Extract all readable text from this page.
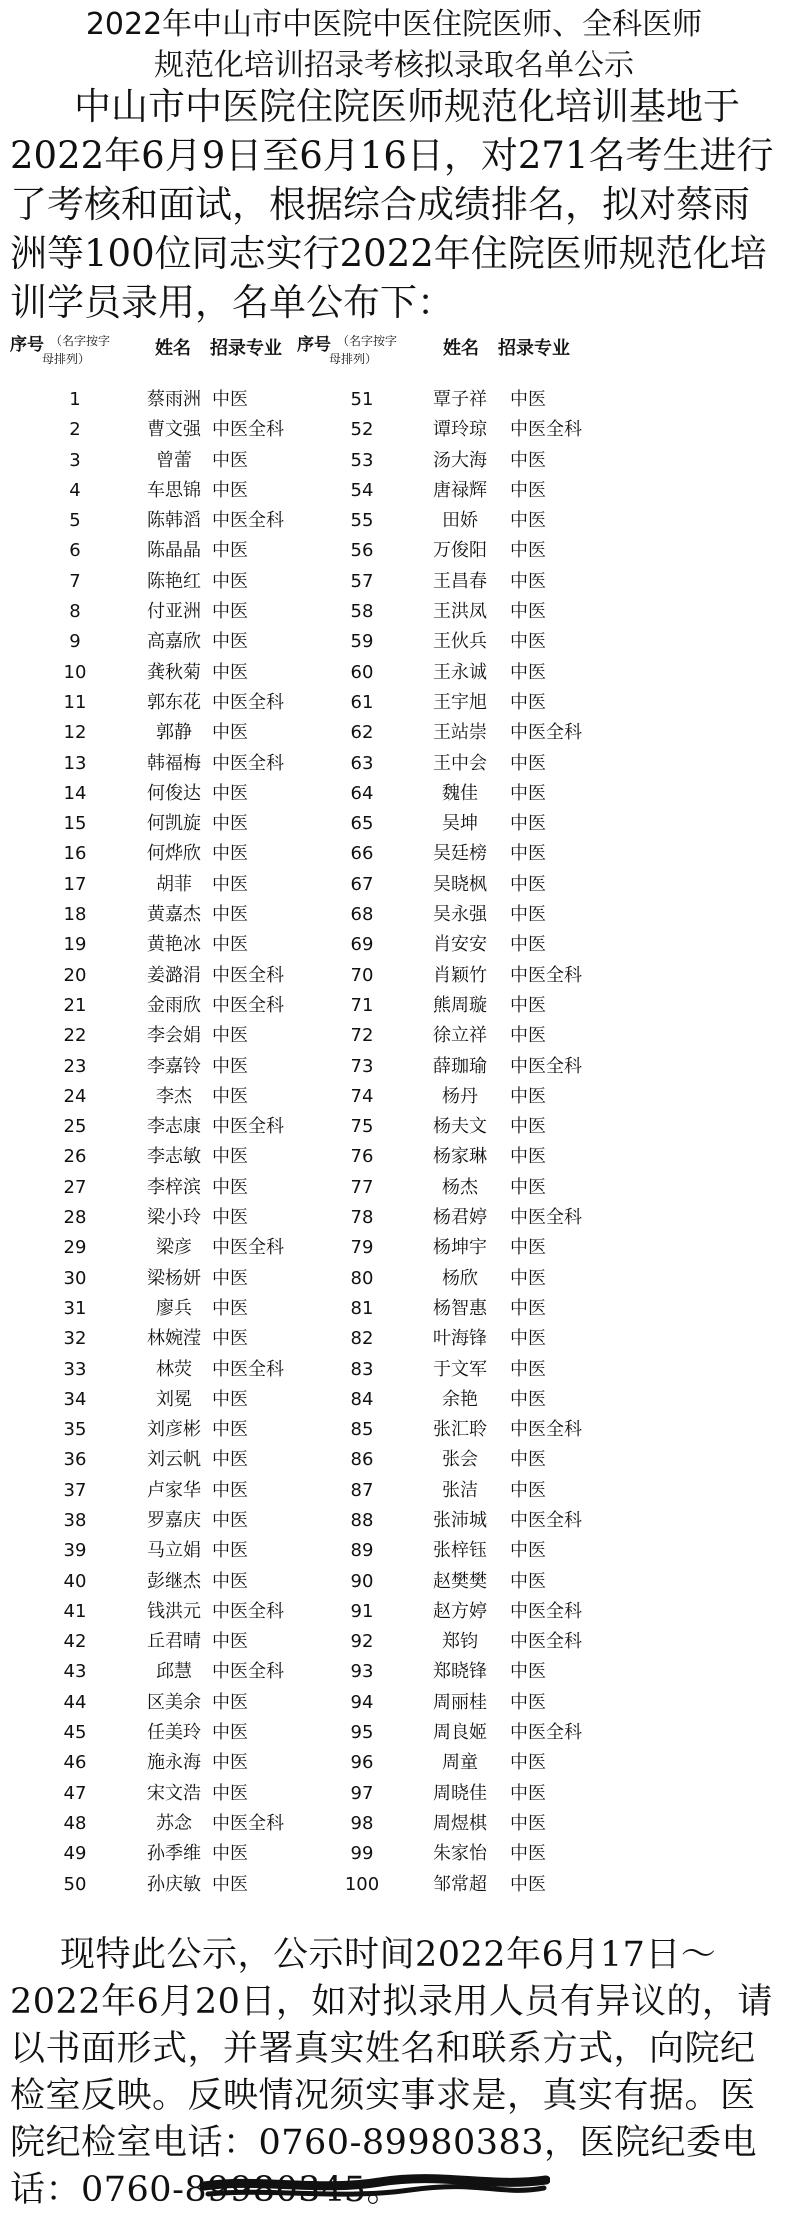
2022年中山市中医院中医住院医师、全科医师
规范化培训招录考核拟录取名单公示

中山市中医院住院医师规范化培训基地于2022年6月9日至6月16日，对271名考生进行了考核和面试，根据综合成绩排名，拟对蔡雨洲等100位同志实行2022年住院医师规范化培训学员录用，名单公布下：

序号 （名字按字
母排列）	姓名 招录专业 序号 （名字按字
母排列）	姓名 招录专业
1	蔡雨洲 中医	51	覃子祥	中医
2	曹文强 中医全科	52	谭玲琼	中医全科
3	曾蕾	中医	53	汤大海	中医
4	车思锦 中医	54	唐禄辉	中医
5	陈韩滔 中医全科	55	田娇	中医
6	陈晶晶 中医	56	万俊阳	中医
7	陈艳红 中医	57	王昌春	中医
8	付亚洲 中医	58	王洪凤	中医
9	高嘉欣 中医	59	王伙兵	中医
10	龚秋菊 中医	60	王永诚	中医
11	郭东花 中医全科	61	王宇旭	中医
12	郭静	中医	62	王站崇	中医全科
13	韩福梅 中医全科	63	王中会	中医
14	何俊达 中医	64	魏佳	中医
15	何凯旋 中医	65	吴坤	中医
16	何烨欣 中医	66	吴廷榜	中医
17	胡菲	中医	67	吴晓枫	中医
18	黄嘉杰 中医	68	吴永强	中医
19	黄艳冰 中医	69	肖安安	中医
20	姜潞涓 中医全科	70	肖颖竹	中医全科
21	金雨欣 中医全科	71	熊周璇	中医
22	李会娟 中医	72	徐立祥	中医
23	李嘉铃 中医	73	薛珈瑜	中医全科
24	李杰	中医	74	杨丹	中医
25	李志康 中医全科	75	杨夫文	中医
26	李志敏 中医	76	杨家琳	中医
27	李梓滨 中医	77	杨杰	中医
28	梁小玲 中医	78	杨君婷	中医全科
29	梁彦	中医全科	79	杨坤宇	中医
30	梁杨妍 中医	80	杨欣	中医
31	廖兵	中医	81	杨智惠	中医
32	林婉滢 中医	82	叶海锋	中医
33	林荧	中医全科	83	于文军	中医
34	刘冕	中医	84	余艳	中医
35	刘彦彬 中医	85	张汇聆	中医全科
36	刘云帆 中医	86	张会	中医
37	卢家华 中医	87	张洁	中医
38	罗嘉庆 中医	88	张沛城	中医全科
39	马立娟 中医	89	张梓钰	中医
40	彭继杰 中医	90	赵樊樊	中医
41	钱洪元 中医全科	91	赵方婷	中医全科
42	丘君晴 中医	92	郑钧	中医全科
43	邱慧	中医全科	93	郑晓锋	中医
44	区美余 中医	94	周丽桂	中医
45	任美玲 中医	95	周良姬	中医全科
46	施永海 中医	96	周童	中医
47	宋文浩 中医	97	周晓佳	中医
48	苏念	中医全科	98	周煜棋	中医
49	孙季维 中医	99	朱家怡	中医
50	孙庆敏 中医	100	邹常超	中医

现特此公示，公示时间2022年6月17日～2022年6月20日，如对拟录用人员有异议的，请以书面形式，并署真实姓名和联系方式，向院纪检室反映。反映情况须实事求是，真实有据。医院纪检室电话：0760-89980383，医院纪委电话：0760-89980345。
